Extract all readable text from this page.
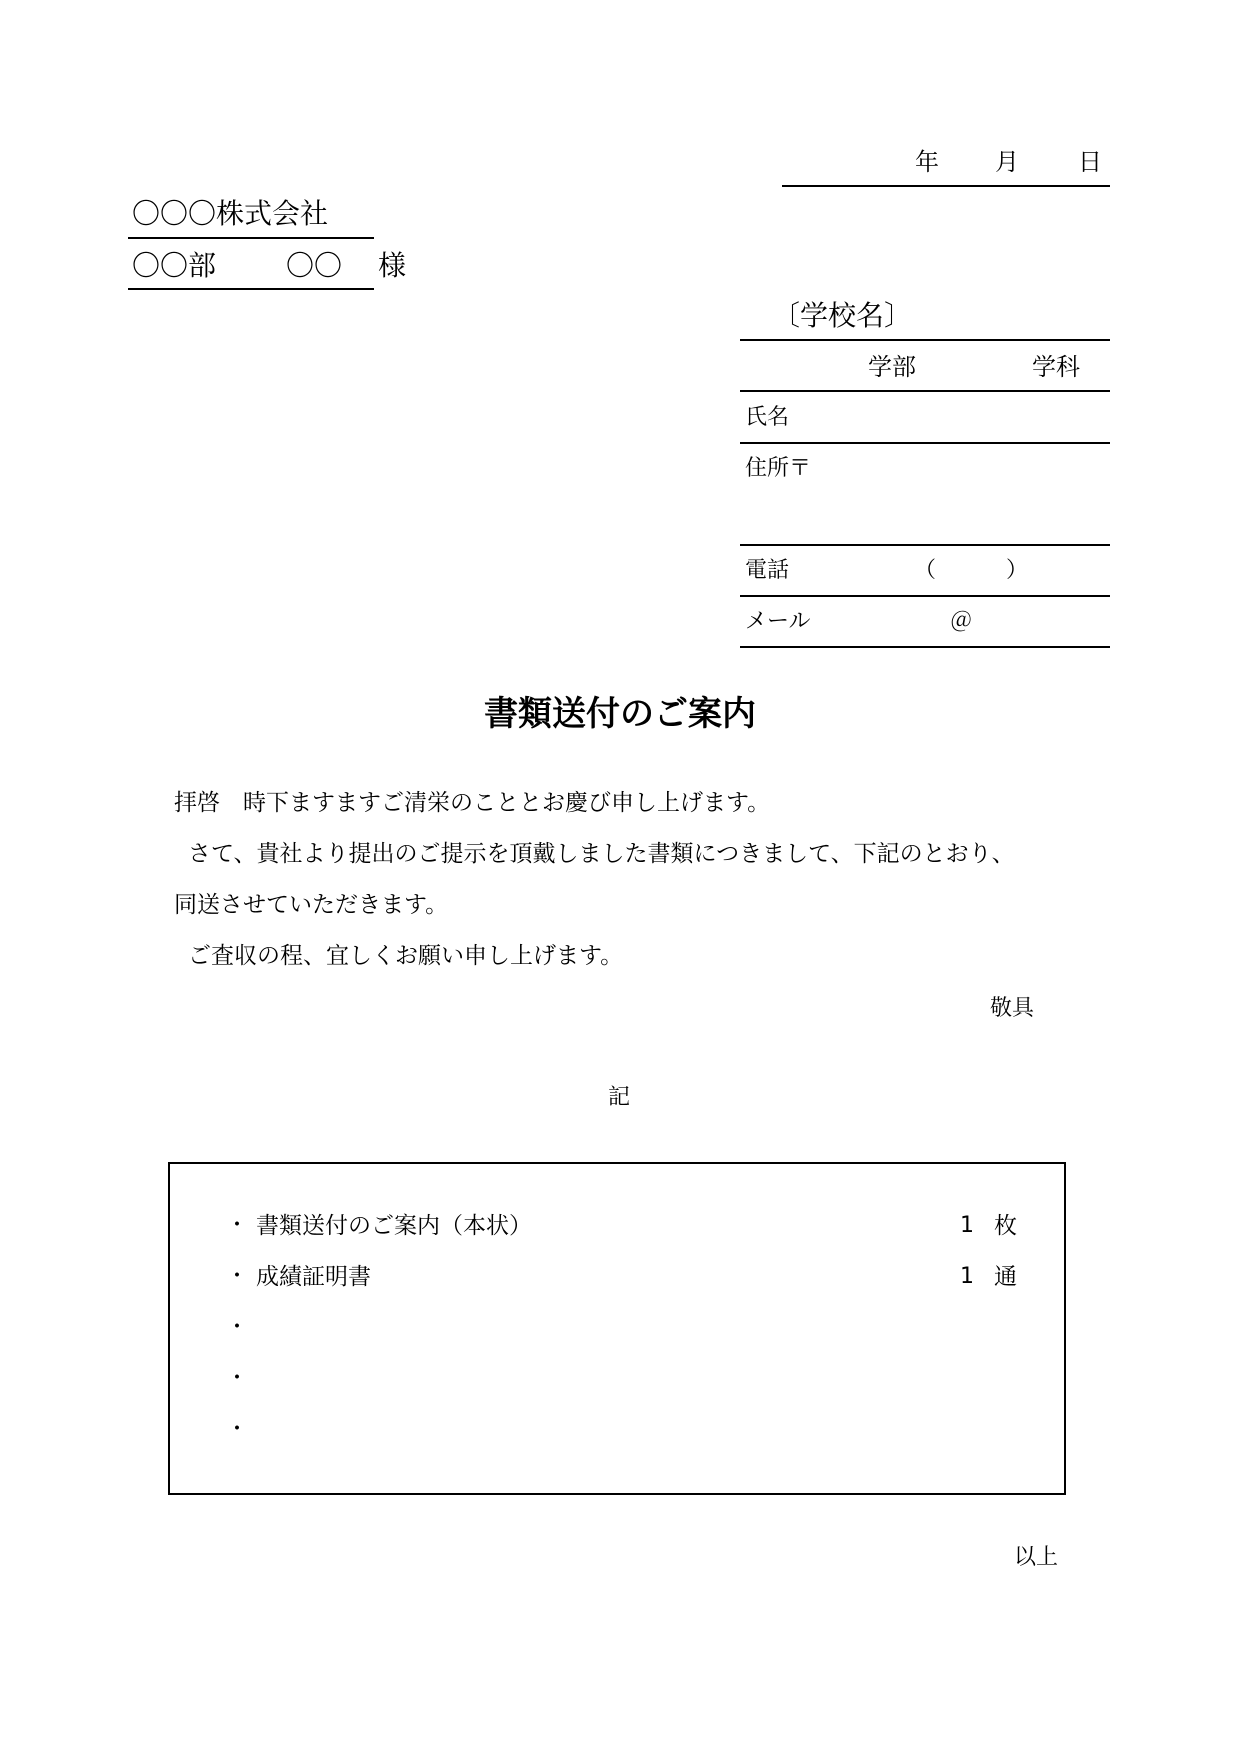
年 月 日
〇〇〇株式会社
〇〇部 〇〇 様
〔学校名〕
学部	学科
氏名
住所〒
電話	（	）
メール	＠
書類送付のご案内
拝啓　時下ますますご清栄のこととお慶び申し上げます。
さて、貴社より提出のご提示を頂戴しました書類につきまして、下記のとおり、
同送させていただきます。
ご査収の程、宜しくお願い申し上げます。
敬具
記
・ 書類送付のご案内（本状）	1 枚
・ 成績証明書	1 通
・
・
・
以上
